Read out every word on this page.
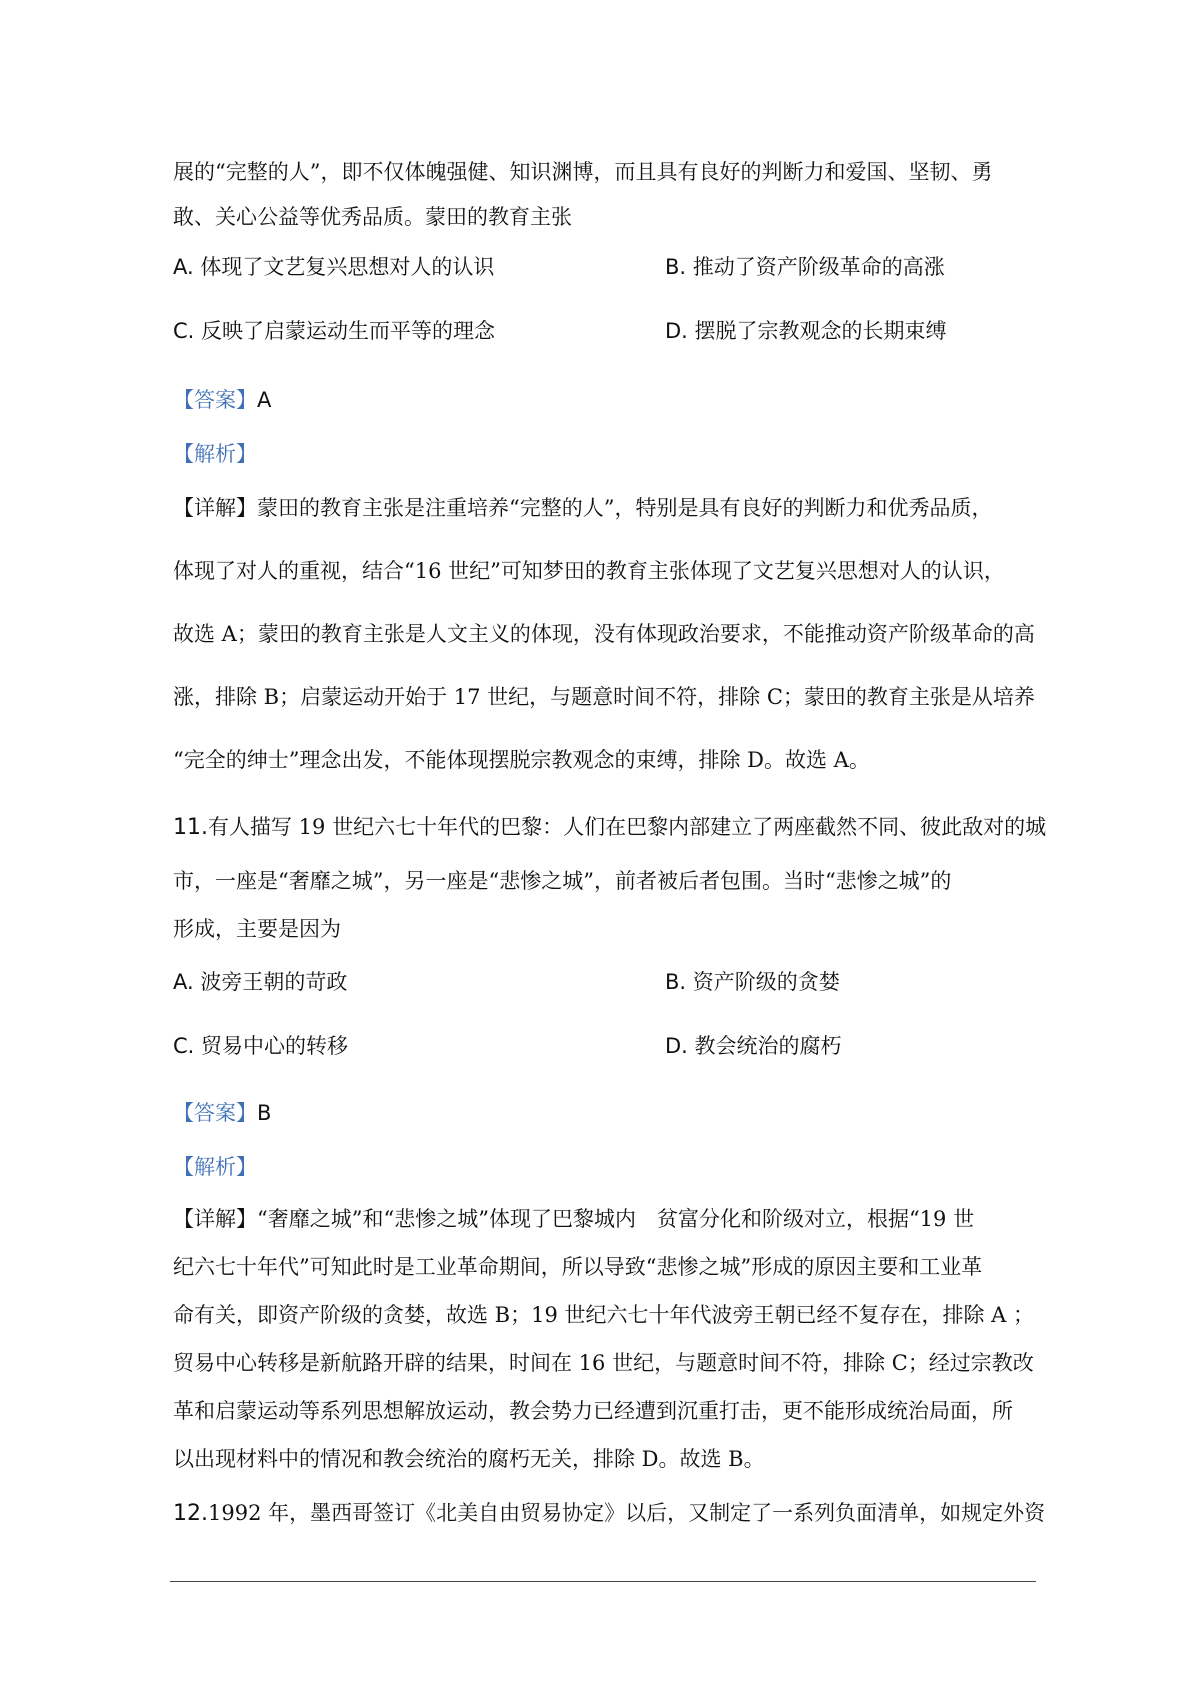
展的“完整的人”，即不仅体魄强健、知识渊博，而且具有良好的判断力和爱国、坚韧、勇
敢、关心公益等优秀品质。蒙田的教育主张
A. 体现了文艺复兴思想对人的认识	B. 推动了资产阶级革命的高涨
C. 反映了启蒙运动生而平等的理念	D. 摆脱了宗教观念的长期束缚
【答案】A
【解析】
【详解】蒙田的教育主张是注重培养“完整的人”，特别是具有良好的判断力和优秀品质，
体现了对人的重视，结合“16 世纪”可知梦田的教育主张体现了文艺复兴思想对人的认识，
故选 A；蒙田的教育主张是人文主义的体现，没有体现政治要求，不能推动资产阶级革命的高
涨，排除 B；启蒙运动开始于 17 世纪，与题意时间不符，排除 C；蒙田的教育主张是从培养
“完全的绅士”理念出发，不能体现摆脱宗教观念的束缚，排除 D。故选 A。
11.有人描写 19 世纪六七十年代的巴黎：人们在巴黎内部建立了两座截然不同、彼此敌对的城
市，一座是“奢靡之城”，另一座是“悲惨之城”，前者被后者包围。当时“悲惨之城”的
形成，主要是因为
A. 波旁王朝的苛政	B. 资产阶级的贪婪
C. 贸易中心的转移	D. 教会统治的腐朽
【答案】B
【解析】
【详解】“奢靡之城”和“悲惨之城”体现了巴黎城内　贫富分化和阶级对立，根据“19 世
纪六七十年代”可知此时是工业革命期间，所以导致“悲惨之城”形成的原因主要和工业革
命有关，即资产阶级的贪婪，故选 B；19 世纪六七十年代波旁王朝已经不复存在，排除 A ；
贸易中心转移是新航路开辟的结果，时间在 16 世纪，与题意时间不符，排除 C；经过宗教改
革和启蒙运动等系列思想解放运动，教会势力已经遭到沉重打击，更不能形成统治局面，所
以出现材料中的情况和教会统治的腐朽无关，排除 D。故选 B。
12.1992 年，墨西哥签订《北美自由贸易协定》以后，又制定了一系列负面清单，如规定外资
